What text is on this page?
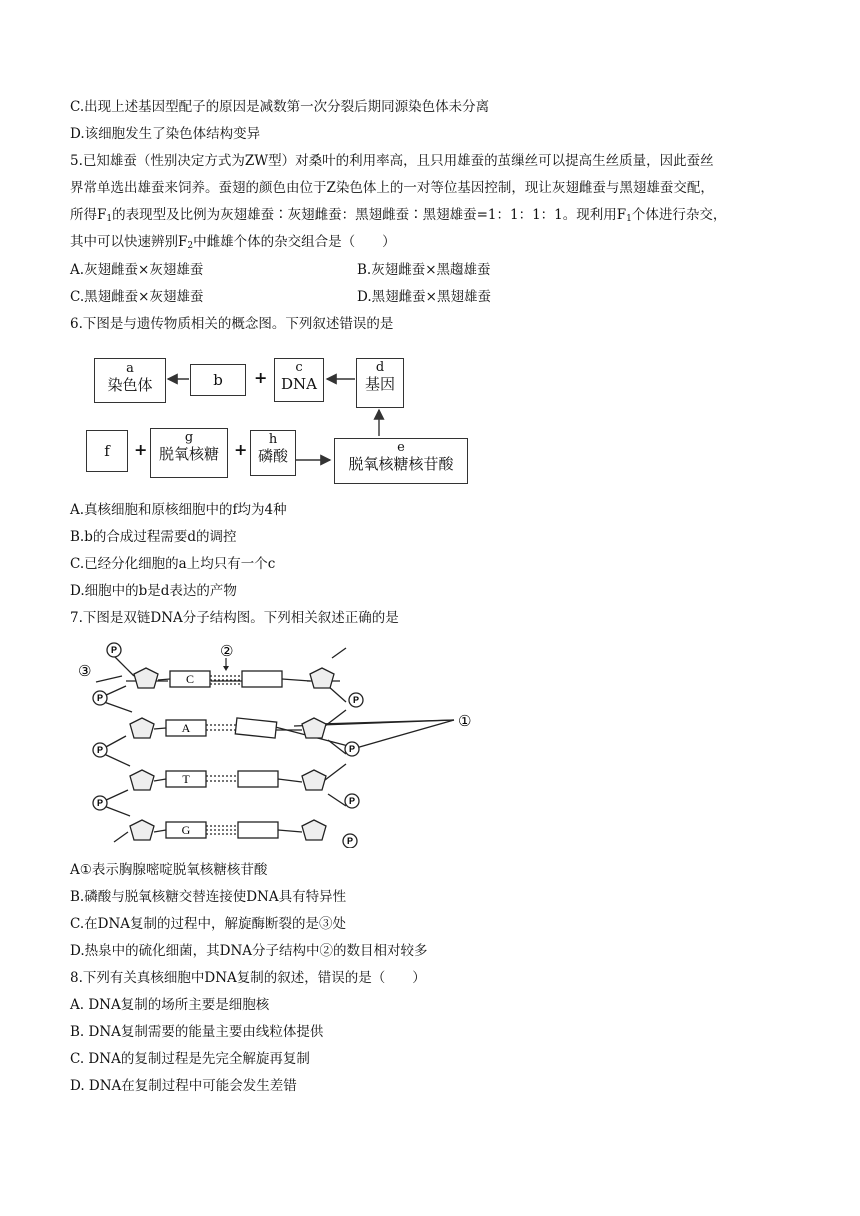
C.出现上述基因型配子的原因是减数第一次分裂后期同源染色体未分离
D.该细胞发生了染色体结构变异
5.已知雄蚕（性别决定方式为ZW型）对桑叶的利用率高，且只用雄蚕的茧缫丝可以提高生丝质量，因此蚕丝
界常单选出雄蚕来饲养。蚕翅的颜色由位于Z染色体上的一对等位基因控制，现让灰翅雌蚕与黑翅雄蚕交配，
所得$F_1$的表现型及比例为灰翅雄蚕∶灰翅雌蚕：黑翅雌蚕∶黑翅雄蚕=1：1：1：1。现利用$F_1$个体进行杂交，
其中可以快速辨别$F_2$中雌雄个体的杂交组合是（　　）
A.灰翅雌蚕×灰翅雄蚕	B.灰翅雌蚕×黑趨雄蚕
C.黑翅雌蚕×灰翅雄蚕	D.黑翅雌蚕×黑翅雄蚕
6.下图是与遗传物质相关的概念图。下列叙述错误的是
a
染色体	b	+
c
DNA
d
基因
f	+
g
脱氧核糖 +
h
磷酸	e
脱氧核糖核苷酸
A.真核细胞和原核细胞中的f均为4种
B.b的合成过程需要d的调控
C.已经分化细胞的a上均只有一个c
D.细胞中的b是d表达的产物
7.下图是双链DNA分子结构图。下列相关叙述正确的是
P
P
P
P
P
P
P
P
C
A
T
G
③
②
①
A①表示胸腺嘧啶脱氧核糖核苷酸
B.磷酸与脱氧核糖交替连接使DNA具有特异性
C.在DNA复制的过程中，解旋酶断裂的是③处
D.热泉中的硫化细菌，其DNA分子结构中②的数目相对较多
8.下列有关真核细胞中DNA复制的叙述，错误的是（　　）
A. DNA复制的场所主要是细胞核
B. DNA复制需要的能量主要由线粒体提供
C. DNA的复制过程是先完全解旋再复制
D. DNA在复制过程中可能会发生差错
